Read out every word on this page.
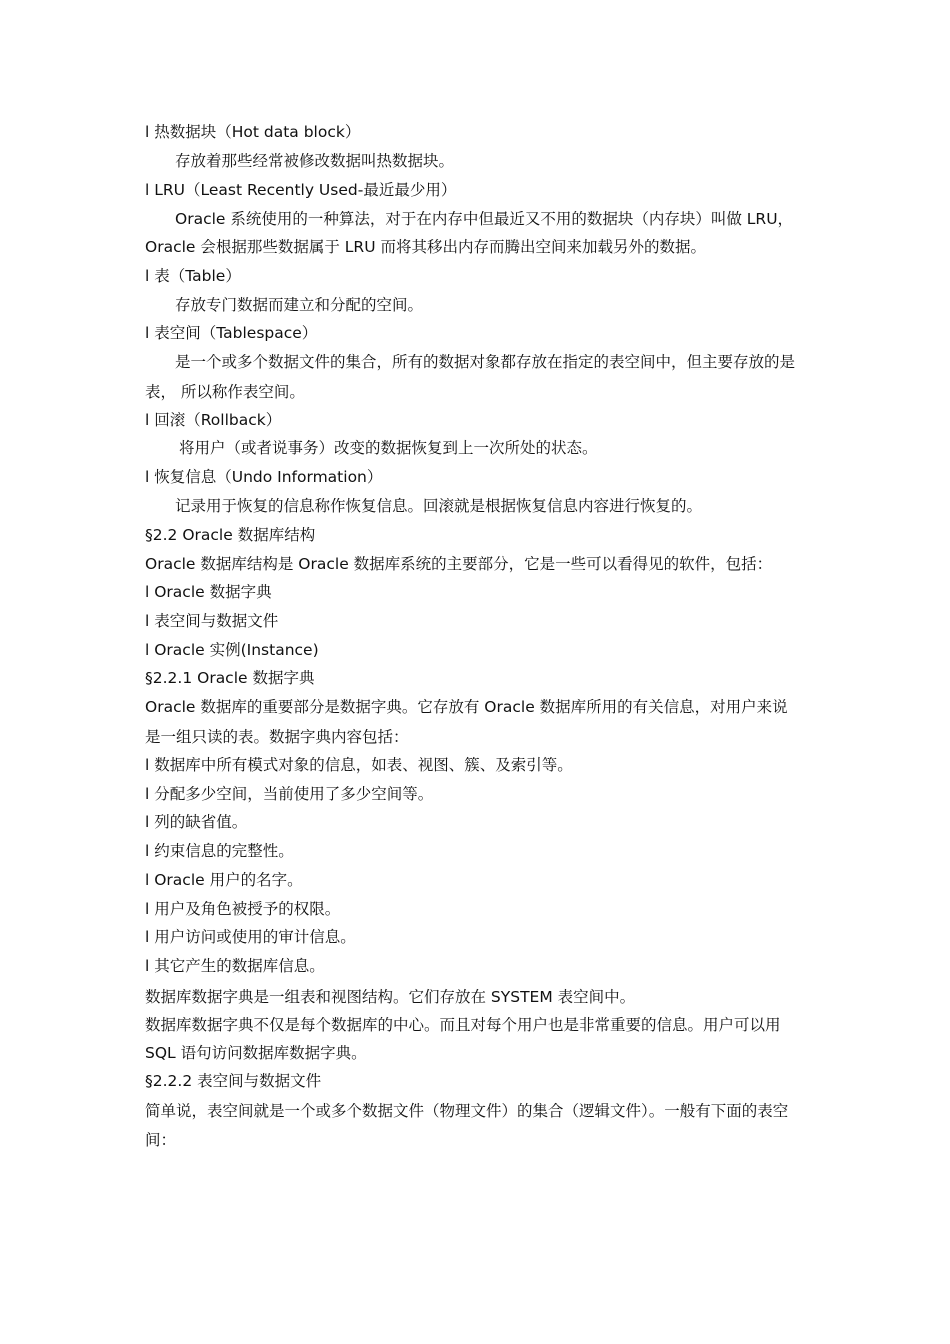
l 热数据块（Hot data block）
存放着那些经常被修改数据叫热数据块。
l LRU（Least Recently Used-最近最少用）
Oracle 系统使用的一种算法，对于在内存中但最近又不用的数据块（内存块）叫做 LRU，
Oracle 会根据那些数据属于 LRU 而将其移出内存而腾出空间来加载另外的数据。
l 表（Table）
存放专门数据而建立和分配的空间。
l 表空间（Tablespace）
是一个或多个数据文件的集合，所有的数据对象都存放在指定的表空间中，但主要存放的是
表， 所以称作表空间。
l 回滚（Rollback）
将用户（或者说事务）改变的数据恢复到上一次所处的状态。
l 恢复信息（Undo Information）
记录用于恢复的信息称作恢复信息。回滚就是根据恢复信息内容进行恢复的。
§2.2 Oracle 数据库结构
Oracle 数据库结构是 Oracle 数据库系统的主要部分，它是一些可以看得见的软件，包括：
l Oracle 数据字典
l 表空间与数据文件
l Oracle 实例(Instance)
§2.2.1 Oracle 数据字典
Oracle 数据库的重要部分是数据字典。它存放有 Oracle 数据库所用的有关信息，对用户来说
是一组只读的表。数据字典内容包括：
l 数据库中所有模式对象的信息，如表、视图、簇、及索引等。
l 分配多少空间，当前使用了多少空间等。
l 列的缺省值。
l 约束信息的完整性。
l Oracle 用户的名字。
l 用户及角色被授予的权限。
l 用户访问或使用的审计信息。
l 其它产生的数据库信息。
数据库数据字典是一组表和视图结构。它们存放在 SYSTEM 表空间中。
数据库数据字典不仅是每个数据库的中心。而且对每个用户也是非常重要的信息。用户可以用
SQL 语句访问数据库数据字典。
§2.2.2 表空间与数据文件
简单说，表空间就是一个或多个数据文件（物理文件）的集合（逻辑文件）。一般有下面的表空
间：
